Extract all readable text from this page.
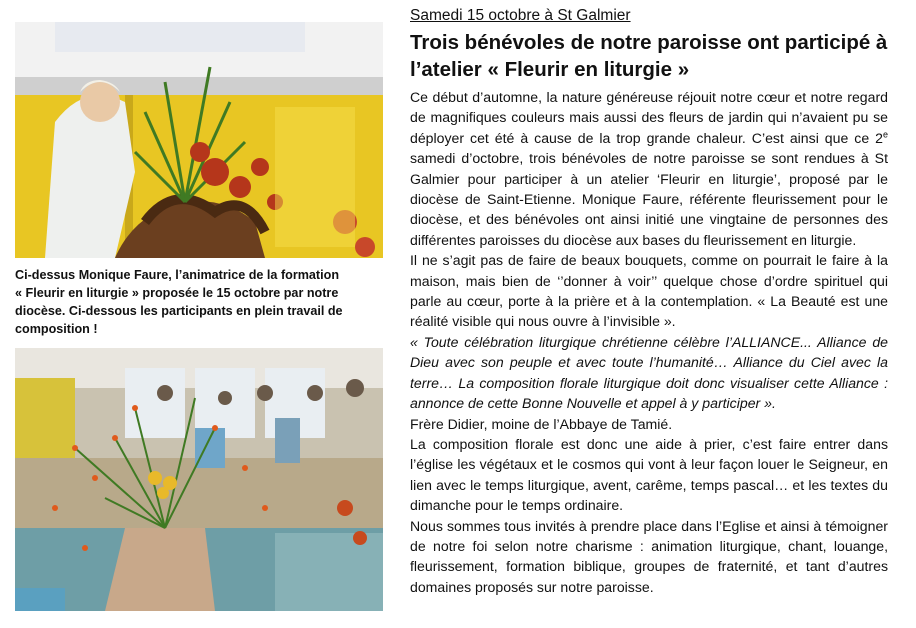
Ci-dessus Monique Faure, l’animatrice de la formation
« Fleurir en liturgie » proposée le 15 octobre par notre
diocèse. Ci-dessous les participants en plein travail de
composition !
Samedi 15 octobre à St Galmier
Trois bénévoles de notre paroisse ont participé à
l’atelier « Fleurir en liturgie »

Ce début d’automne, la nature généreuse réjouit notre cœur et notre regard de magnifiques couleurs mais aussi des fleurs de jardin qui n’avaient pu se déployer cet été à cause de la trop grande chaleur. C’est ainsi que ce 2e samedi d’octobre, trois bénévoles de notre paroisse se sont rendues à St Galmier pour participer à un atelier ‘Fleurir en liturgie’, proposé par le diocèse de Saint-Etienne. Monique Faure, référente fleurissement pour le diocèse, et des bénévoles ont ainsi initié une vingtaine de personnes des différentes paroisses du diocèse aux bases du fleurissement en liturgie.

Il ne s’agit pas de faire de beaux bouquets, comme on pourrait le faire à la maison, mais bien de ‘’donner à voir’’ quelque chose d’ordre spirituel qui parle au cœur, porte à la prière et à la contemplation. « La Beauté est une réalité visible qui nous ouvre à l’invisible ».

« Toute célébration liturgique chrétienne célèbre l’ALLIANCE... Alliance de Dieu avec son peuple et avec toute l’humanité… Alliance du Ciel avec la terre… La composition florale liturgique doit donc visualiser cette Alliance : annonce de cette Bonne Nouvelle et appel à y participer ».

Frère Didier, moine de l’Abbaye de Tamié.

La composition florale est donc une aide à prier, c’est faire entrer dans l’église les végétaux et le cosmos qui vont à leur façon louer le Seigneur, en lien avec le temps liturgique, avent, carême, temps pascal… et les textes du dimanche pour le temps ordinaire.

Nous sommes tous invités à prendre place dans l’Eglise et ainsi à témoigner de notre foi selon notre charisme : animation liturgique, chant, louange, fleurissement, formation biblique, groupes de fraternité, et tant d’autres domaines proposés sur notre paroisse.
